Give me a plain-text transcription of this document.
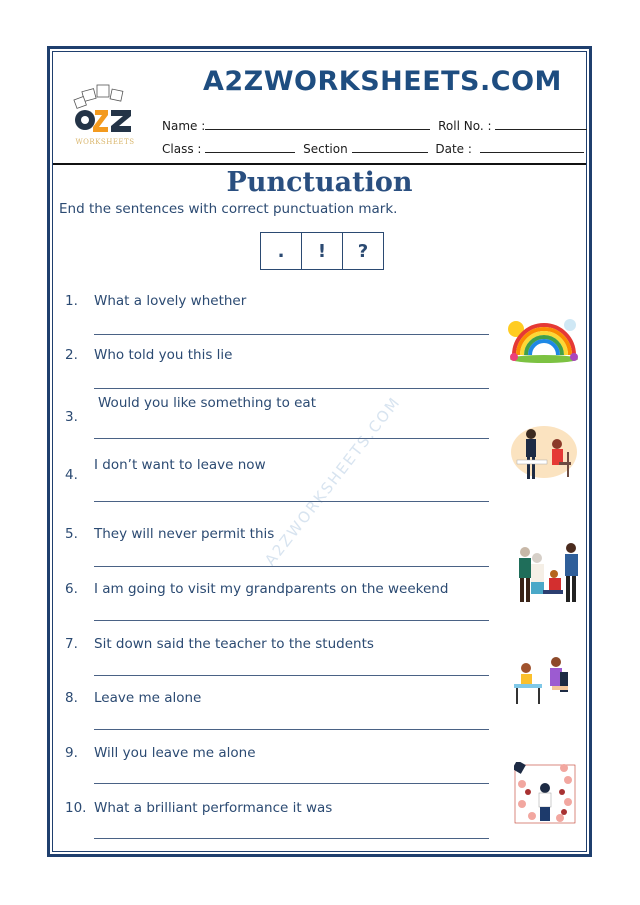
WORKSHEETS
A2ZWORKSHEETS.COM
Name :	Roll No. :
Class :	Section	Date :
A2ZWORKSHEETS.COM
Punctuation
End the sentences with correct punctuation mark.
.	!	?
1. What a lovely whether
2. Who told you this lie
3.Would you like something to eat
4.I don’t want to leave now
5. They will never permit this
6. I am going to visit my grandparents on the weekend
7. Sit down said the teacher to the students
8. Leave me alone
9. Will you leave me alone
10. What a brilliant performance it was
